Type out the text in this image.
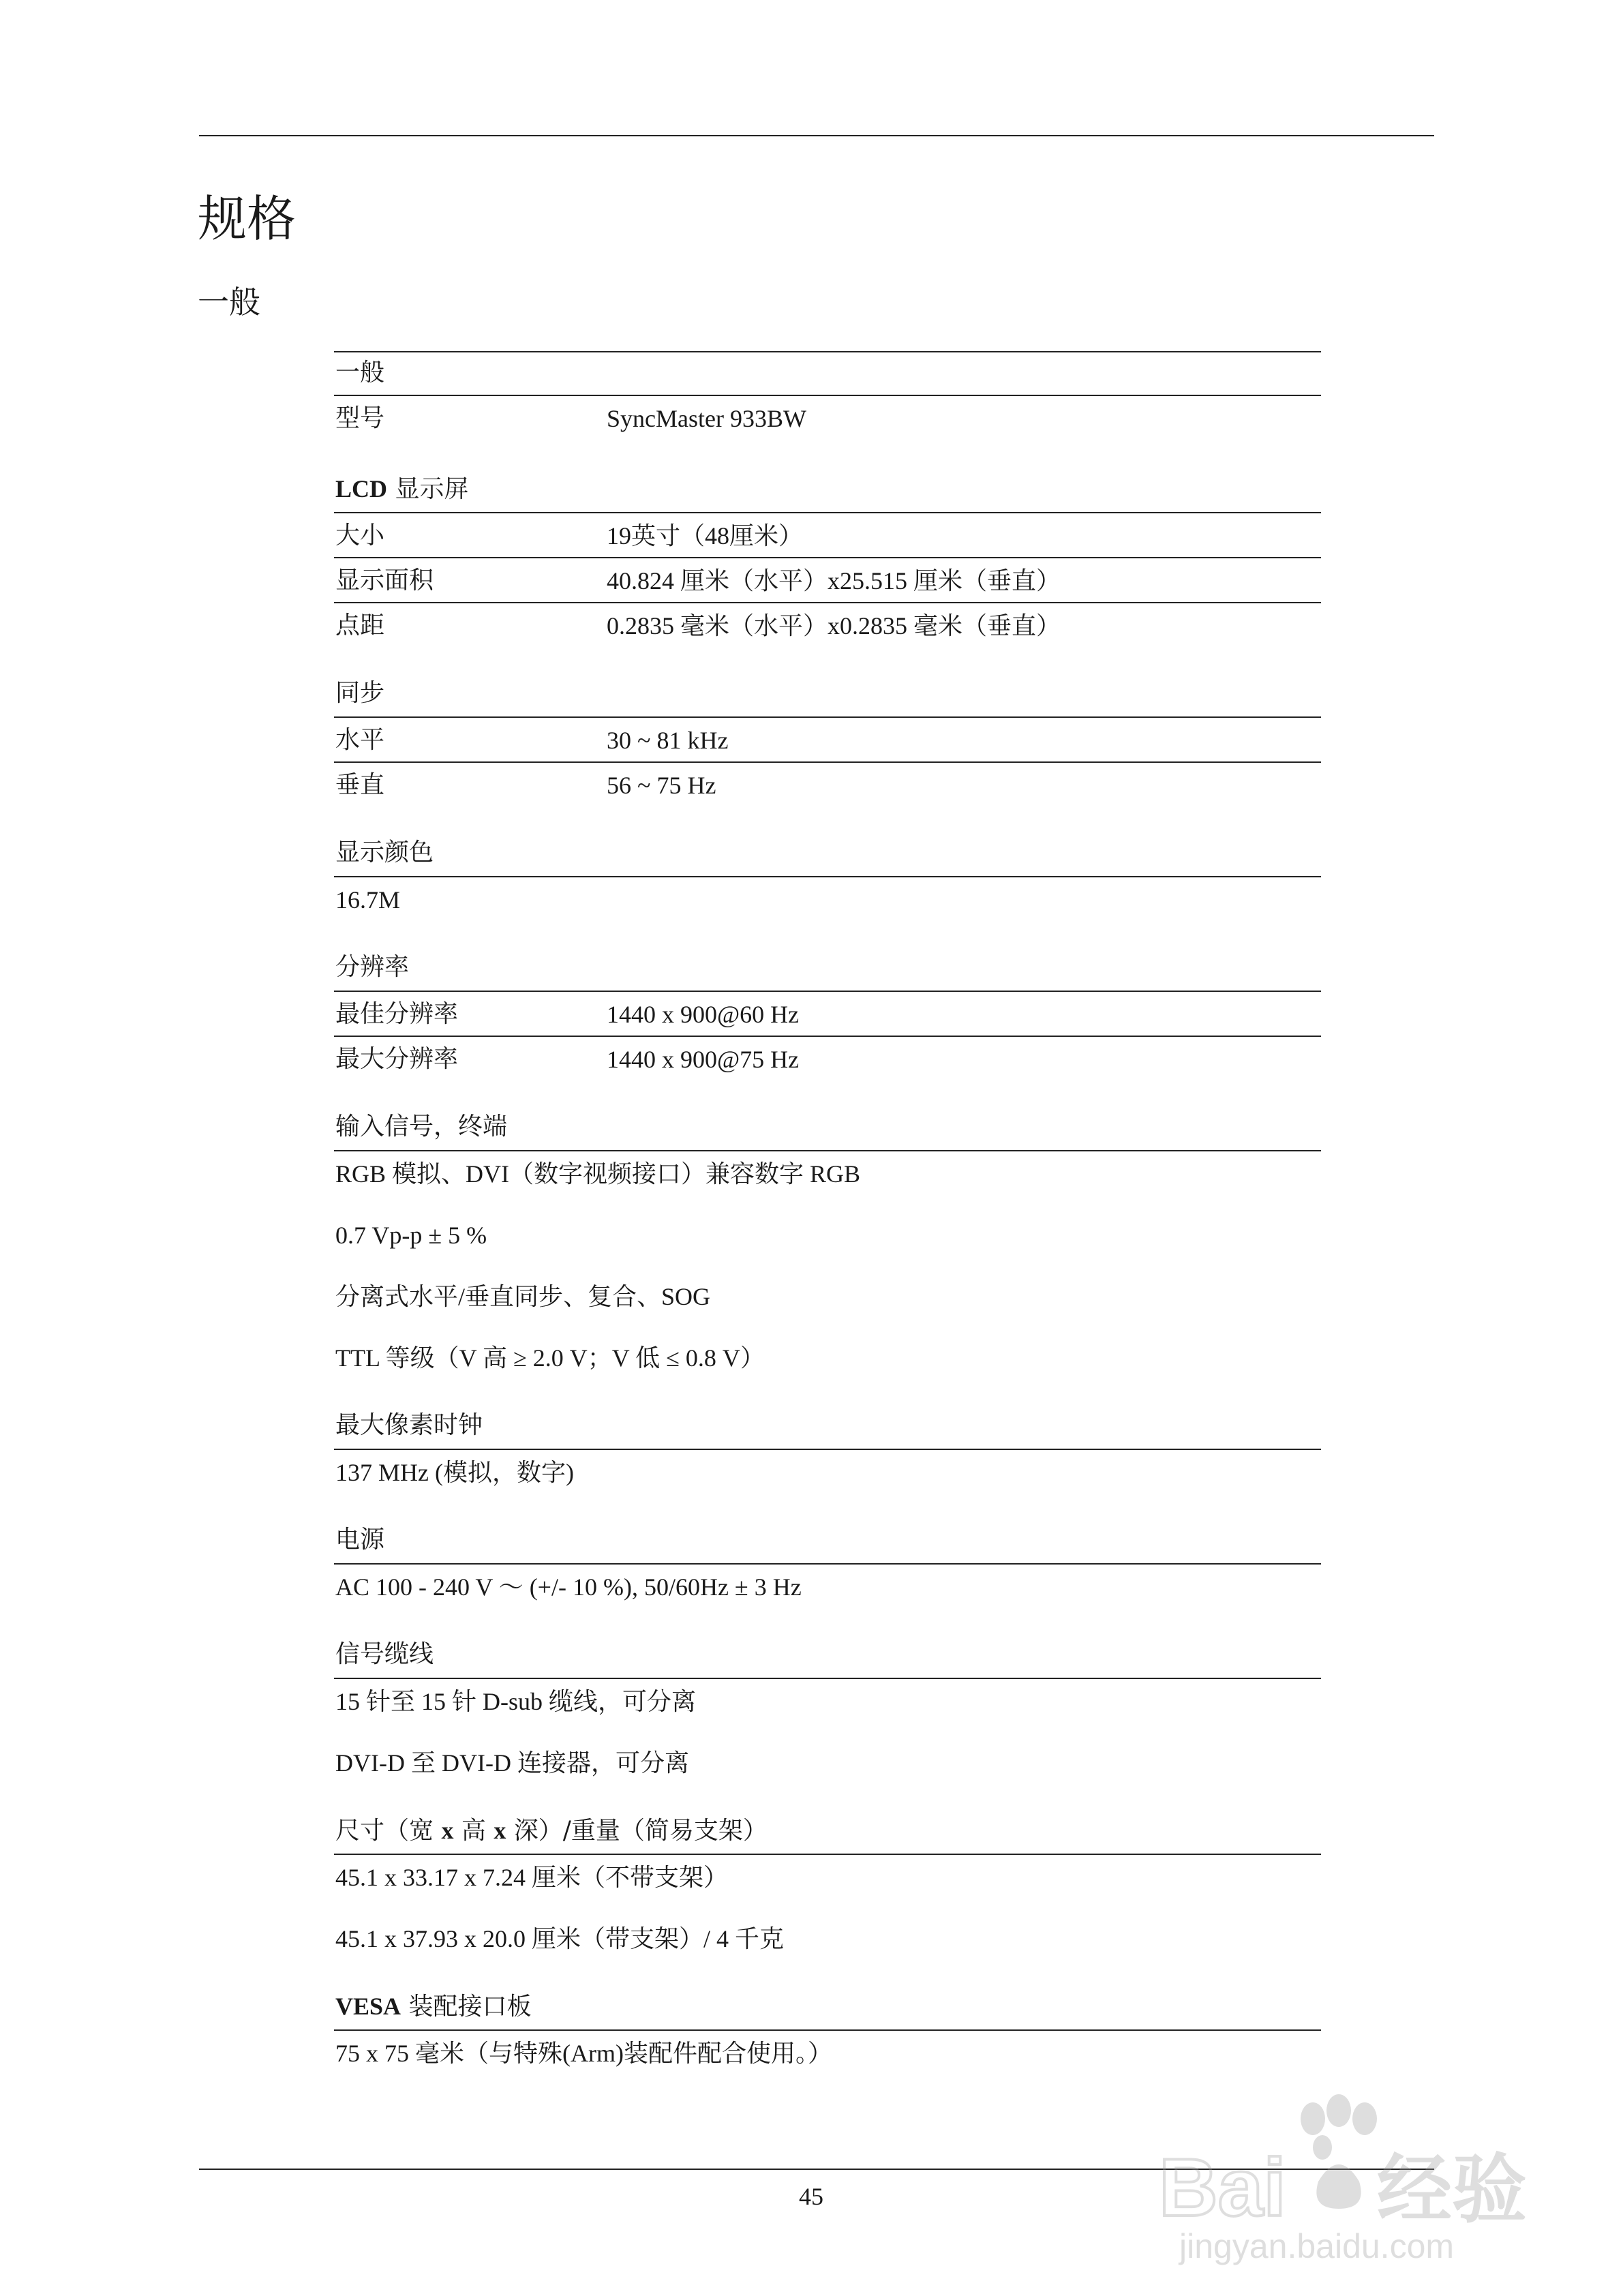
规格
一般
一般
型号	SyncMaster 933BW
LCD 显示屏
大小	19英寸（48厘米）
显示面积	40.824 厘米（水平）x25.515 厘米（垂直）
点距	0.2835 毫米（水平）x0.2835 毫米（垂直）
同步
水平	30 ~ 81 kHz
垂直	56 ~ 75 Hz
显示颜色
16.7M
分辨率
最佳分辨率	1440 x 900@60 Hz
最大分辨率	1440 x 900@75 Hz
输入信号，终端
RGB 模拟、DVI（数字视频接口）兼容数字 RGB
0.7 Vp-p ± 5 %
分离式水平/垂直同步、复合、SOG
TTL 等级（V 高 ≥ 2.0 V；V 低 ≤ 0.8 V）
最大像素时钟
137 MHz (模拟，数字)
电源
AC 100 - 240 V ～ (+/- 10 %), 50/60Hz ± 3 Hz
信号缆线
15 针至 15 针 D-sub 缆线，可分离
DVI-D 至 DVI-D 连接器，可分离
尺寸（宽 x 高 x 深）/重量（简易支架）
45.1 x 33.17 x 7.24 厘米（不带支架）
45.1 x 37.93 x 20.0 厘米（带支架）/ 4 千克
VESA 装配接口板
75 x 75 毫米（与特殊(Arm)装配件配合使用。）
45	Bai 经验
jingyan.baidu.com
